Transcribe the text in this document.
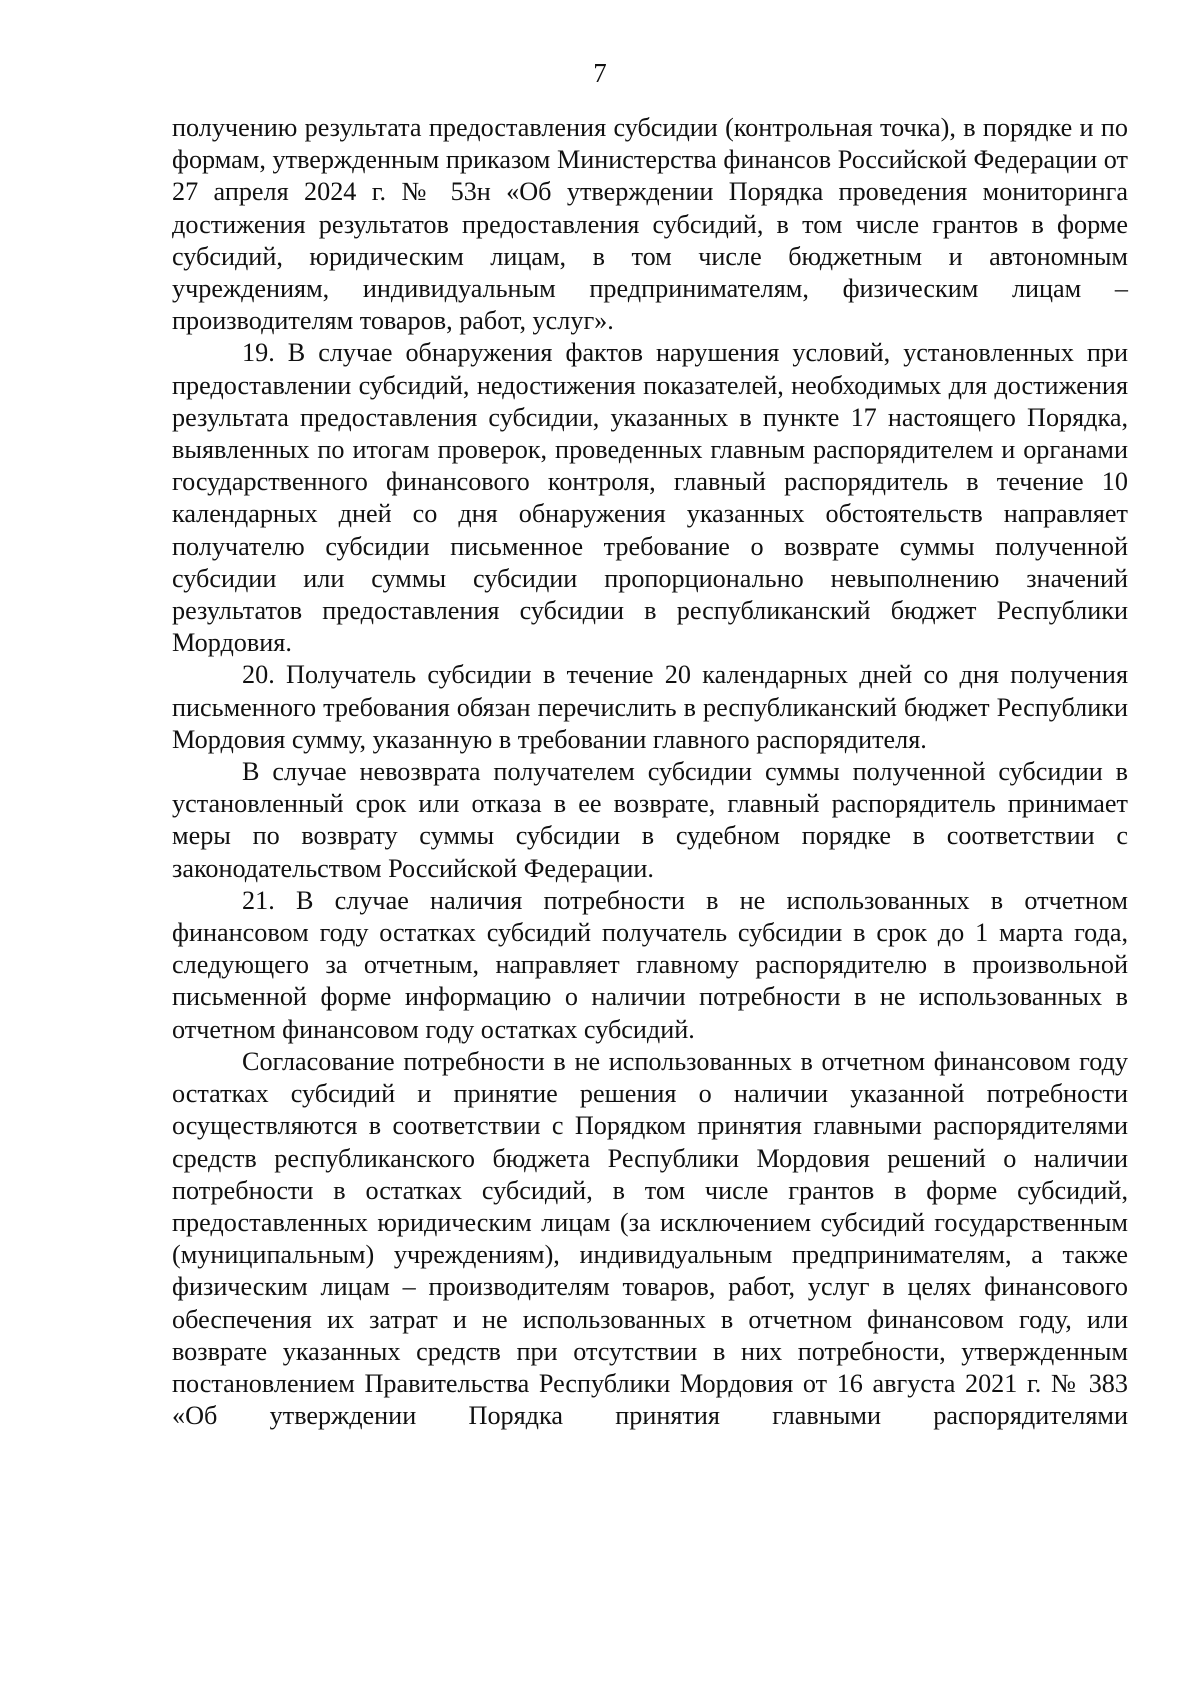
7

получению результата предоставления субсидии (контрольная точка), в порядке и по формам, утвержденным приказом Министерства финансов Российской Федерации от 27 апреля 2024 г. № 53н «Об утверждении Порядка проведения мониторинга достижения результатов предоставления субсидий, в том числе грантов в форме субсидий, юридическим лицам, в том числе бюджетным и автономным учреждениям, индивидуальным предпринимателям, физическим лицам – производителям товаров, работ, услуг».

19. В случае обнаружения фактов нарушения условий, установленных при предоставлении субсидий, недостижения показателей, необходимых для достижения результата предоставления субсидии, указанных в пункте 17 настоящего Порядка, выявленных по итогам проверок, проведенных главным распорядителем и органами государственного финансового контроля, главный распорядитель в течение 10 календарных дней со дня обнаружения указанных обстоятельств направляет получателю субсидии письменное требование о возврате суммы полученной субсидии или суммы субсидии пропорционально невыполнению значений результатов предоставления субсидии в республиканский бюджет Республики Мордовия.

20. Получатель субсидии в течение 20 календарных дней со дня получения письменного требования обязан перечислить в республиканский бюджет Республики Мордовия сумму, указанную в требовании главного распорядителя.

В случае невозврата получателем субсидии суммы полученной субсидии в установленный срок или отказа в ее возврате, главный распорядитель принимает меры по возврату суммы субсидии в судебном порядке в соответствии с законодательством Российской Федерации.

21. В случае наличия потребности в не использованных в отчетном финансовом году остатках субсидий получатель субсидии в срок до 1 марта года, следующего за отчетным, направляет главному распорядителю в произвольной письменной форме информацию о наличии потребности в не использованных в отчетном финансовом году остатках субсидий.

Согласование потребности в не использованных в отчетном финансовом году остатках субсидий и принятие решения о наличии указанной потребности осуществляются в соответствии с Порядком принятия главными распорядителями средств республиканского бюджета Республики Мордовия решений о наличии потребности в остатках субсидий, в том числе грантов в форме субсидий, предоставленных юридическим лицам (за исключением субсидий государственным (муниципальным) учреждениям), индивидуальным предпринимателям, а также физическим лицам – производителям товаров, работ, услуг в целях финансового обеспечения их затрат и не использованных в отчетном финансовом году, или возврате указанных средств при отсутствии в них потребности, утвержденным постановлением Правительства Республики Мордовия от 16 августа 2021 г. № 383 «Об утверждении Порядка принятия главными распорядителями
